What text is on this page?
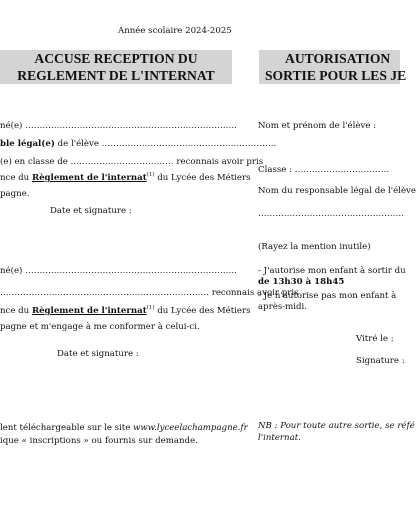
Année scolaire 2024-2025
ACCUSE RECEPTION DU
REGLEMENT DE L'INTERNAT
né(e) ………………………………………………………………..
ble légal(e) de l'élève …………………………………………………….
(e) en classe de ……………………………… reconnais avoir pris
nce du Règlement de l'internat$^{(1)}$ du Lycée des Métiers
pagne.
Date et signature :
né(e) ………………………………………………………………..
………………………………………………………………. reconnais avoir pris
nce du Règlement de l'internat$^{(1)}$ du Lycée des Métiers
pagne et m'engage à me conformer à celui-ci.
Date et signature :
lent téléchargeable sur le site www.lyceelachampagne.fr
ique « inscriptions » ou fournis sur demande.
AUTORISATION
SORTIE POUR LES JE
Nom et prénom de l'élève :
Classe : ……………………………
Nom du responsable légal de l'élève
……………………………………………
(Rayez la mention inutile)
- J'autorise mon enfant à sortir du
de 13h30 à 18h45
- Je n'autorise pas mon enfant à
après-midi.
Vitré le :
Signature :
NB : Pour toute autre sortie, se réfé
l'internat.
